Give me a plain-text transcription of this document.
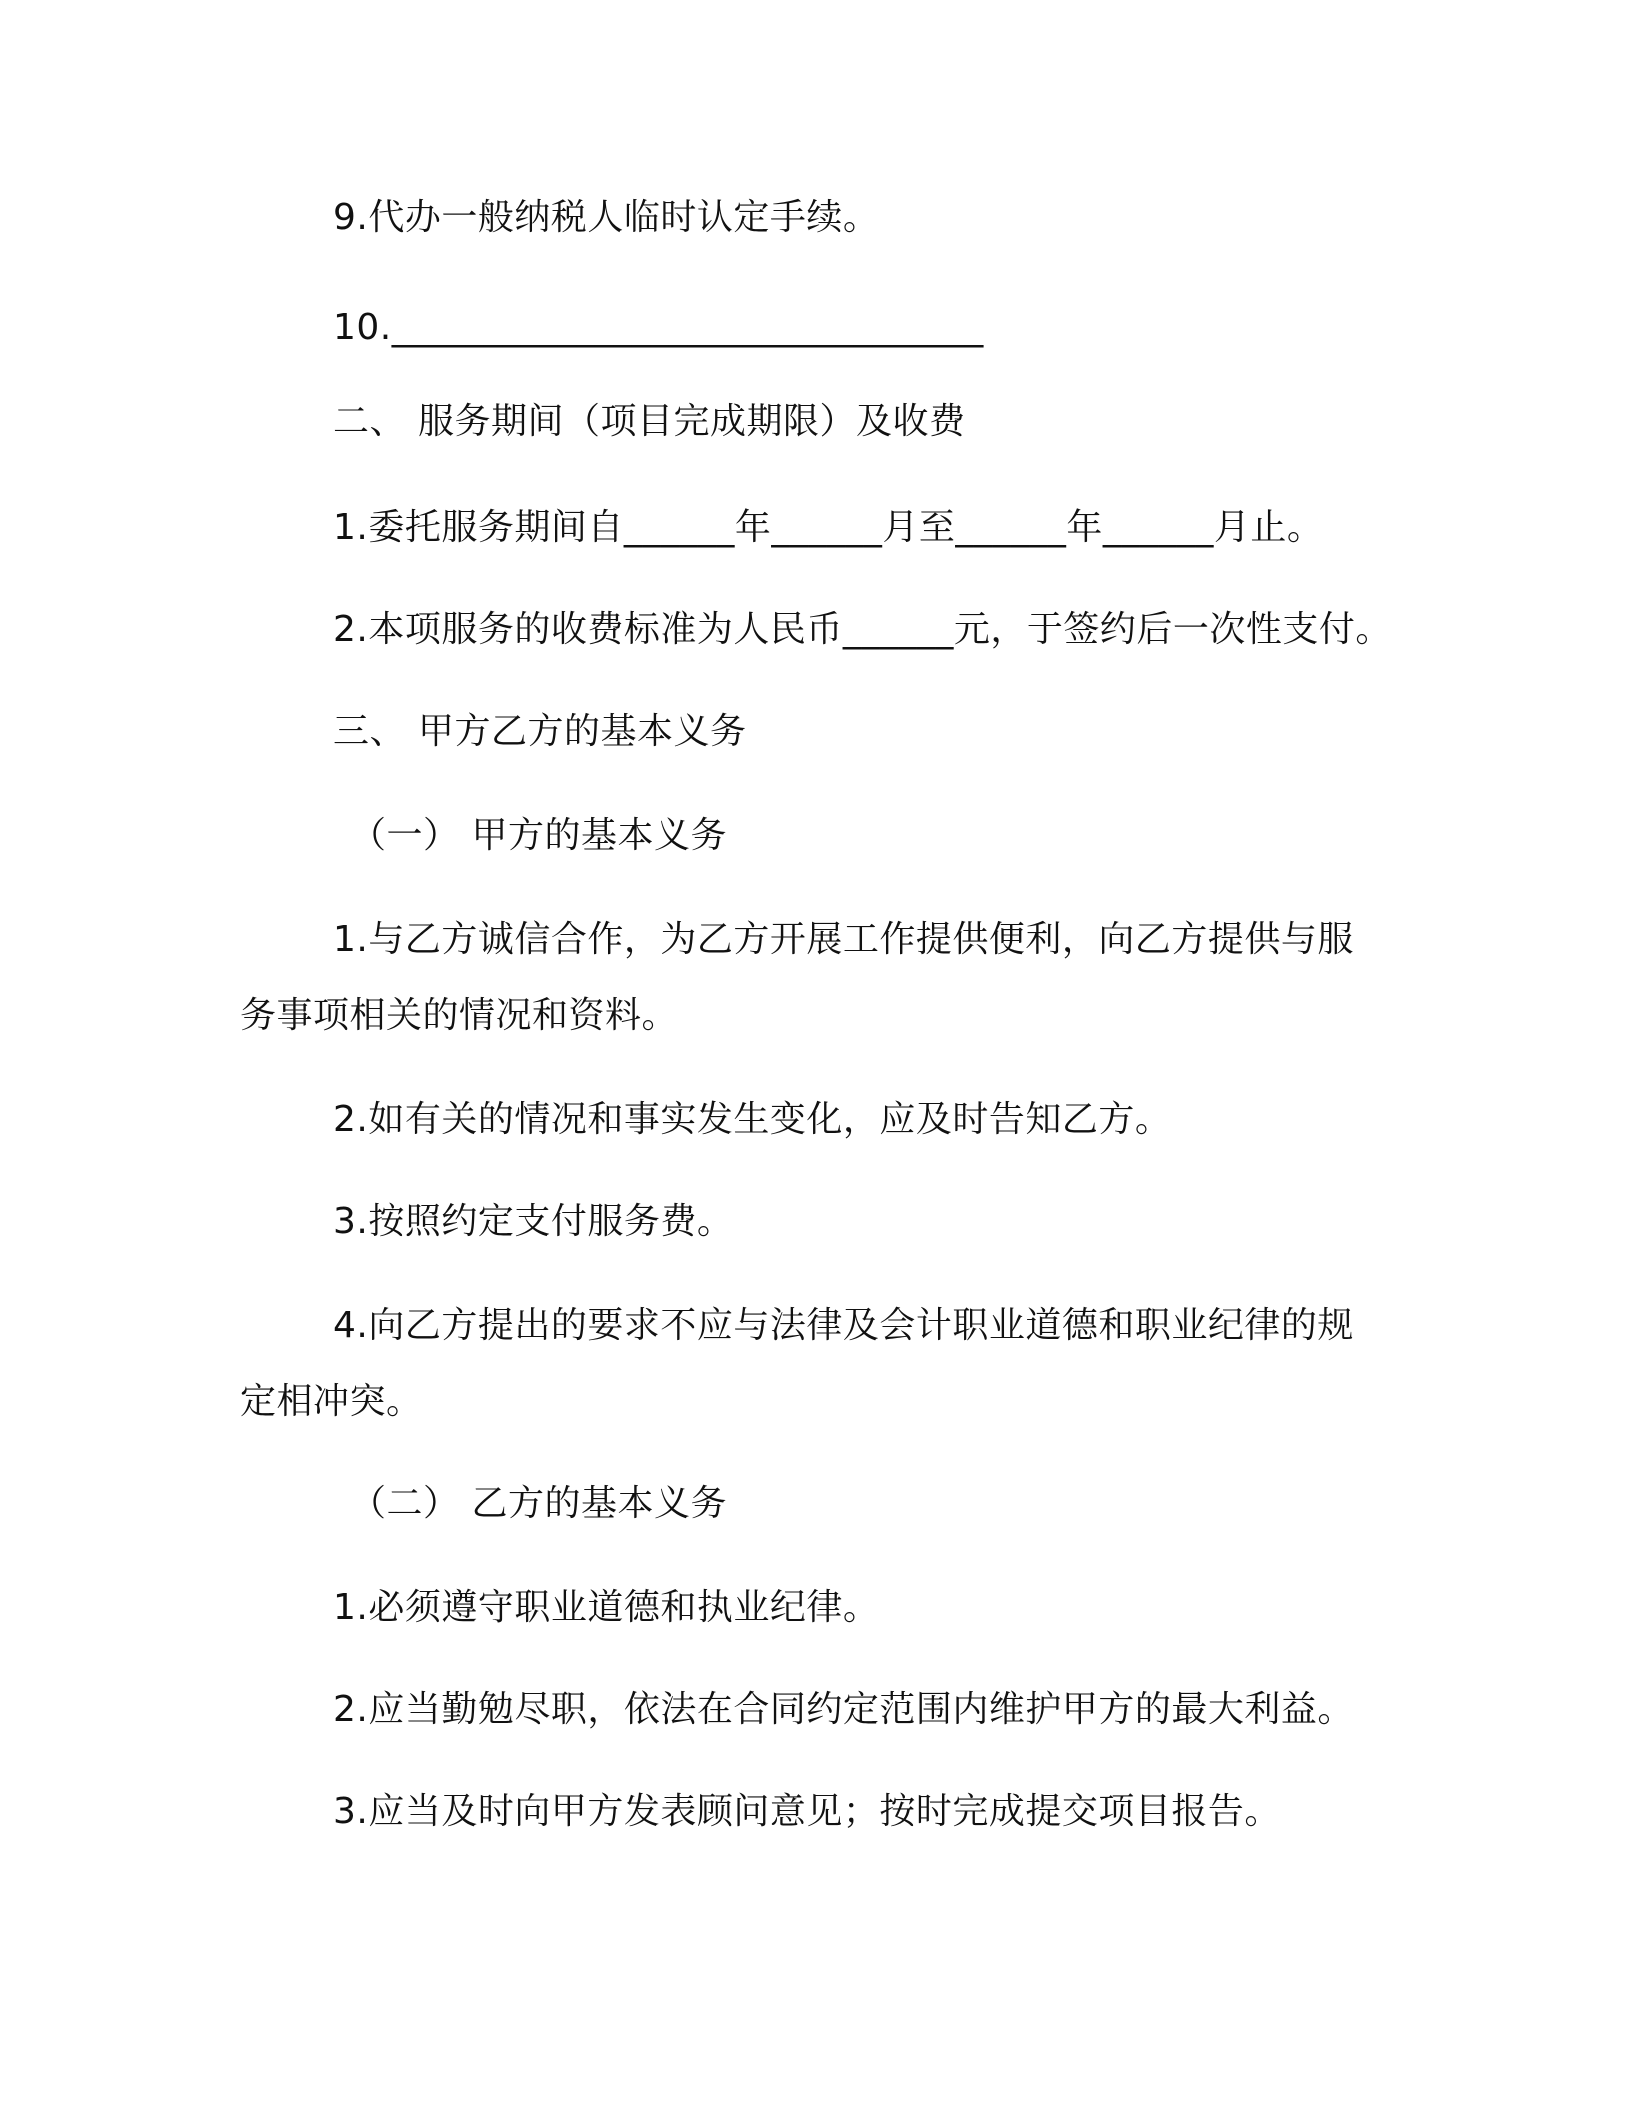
9.代办一般纳税人临时认定手续。
10.________________________________
二、 服务期间（项目完成期限）及收费
1.委托服务期间自______年______月至______年______月止。
2.本项服务的收费标准为人民币______元，于签约后一次性支付。
三、 甲方乙方的基本义务
（一） 甲方的基本义务
1.与乙方诚信合作，为乙方开展工作提供便利，向乙方提供与服
务事项相关的情况和资料。
2.如有关的情况和事实发生变化，应及时告知乙方。
3.按照约定支付服务费。
4.向乙方提出的要求不应与法律及会计职业道德和职业纪律的规
定相冲突。
（二） 乙方的基本义务
1.必须遵守职业道德和执业纪律。
2.应当勤勉尽职，依法在合同约定范围内维护甲方的最大利益。
3.应当及时向甲方发表顾问意见；按时完成提交项目报告。
